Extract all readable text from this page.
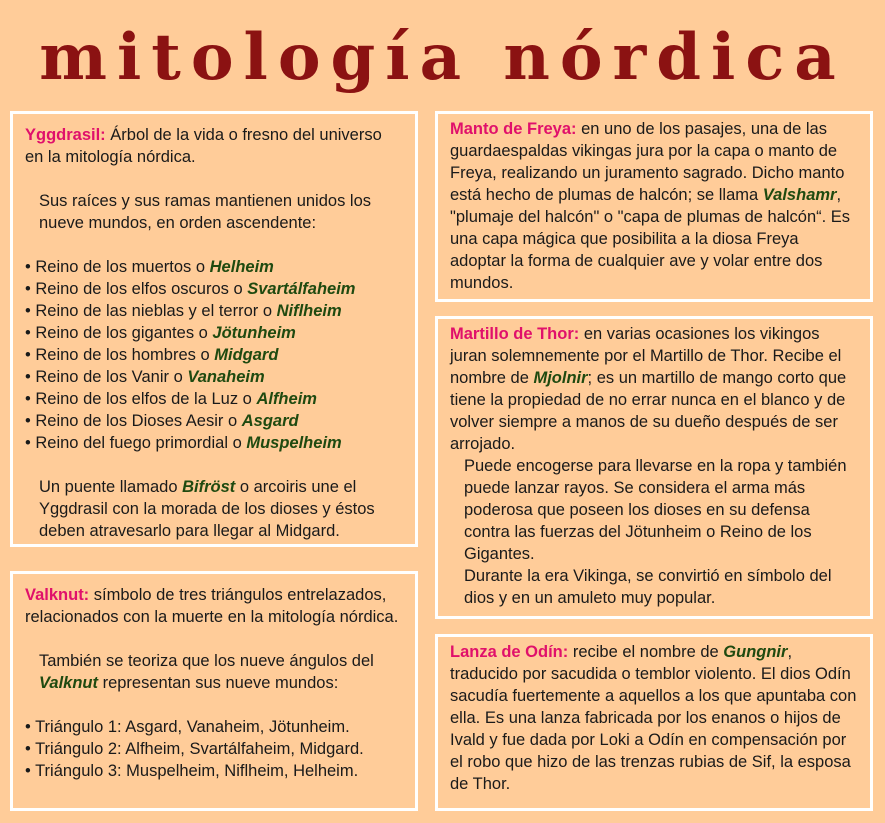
mitología nórdica

Yggdrasil: Árbol de la vida o fresno del universo en la mitología nórdica.

Sus raíces y sus ramas mantienen unidos los nueve mundos, en orden ascendente:

• Reino de los muertos o Helheim
• Reino de los elfos oscuros o Svartálfaheim
• Reino de las nieblas y el terror o Niflheim
• Reino de los gigantes o Jötunheim
• Reino de los hombres o Midgard
• Reino de los Vanir o Vanaheim
• Reino de los elfos de la Luz o Alfheim
• Reino de los Dioses Aesir o Asgard
• Reino del fuego primordial o Muspelheim

Un puente llamado Bifröst o arcoiris une el Yggdrasil con la morada de los dioses y éstos deben atravesarlo para llegar al Midgard.

Valknut: símbolo de tres triángulos entrelazados, relacionados con la muerte en la mitología nórdica.

También se teoriza que los nueve ángulos del Valknut representan sus nueve mundos:

• Triángulo 1: Asgard, Vanaheim, Jötunheim.
• Triángulo 2: Alfheim, Svartálfaheim, Midgard.
• Triángulo 3: Muspelheim, Niflheim, Helheim.

Manto de Freya: en uno de los pasajes, una de las guardaespaldas vikingas jura por la capa o manto de Freya, realizando un juramento sagrado. Dicho manto está hecho de plumas de halcón; se llama Valshamr, "plumaje del halcón" o "capa de plumas de halcón“. Es una capa mágica que posibilita a la diosa Freya adoptar la forma de cualquier ave y volar entre dos mundos.

Martillo de Thor: en varias ocasiones los vikingos juran solemnemente por el Martillo de Thor. Recibe el nombre de Mjolnir; es un martillo de mango corto que tiene la propiedad de no errar nunca en el blanco y de volver siempre a manos de su dueño después de ser arrojado.

Puede encogerse para llevarse en la ropa y también puede lanzar rayos. Se considera el arma más poderosa que poseen los dioses en su defensa contra las fuerzas del Jötunheim o Reino de los Gigantes.

Durante la era Vikinga, se convirtió en símbolo del dios y en un amuleto muy popular.

Lanza de Odín: recibe el nombre de Gungnir, traducido por sacudida o temblor violento. El dios Odín sacudía fuertemente a aquellos a los que apuntaba con ella. Es una lanza fabricada por los enanos o hijos de Ivald y fue dada por Loki a Odín en compensación por el robo que hizo de las trenzas rubias de Sif, la esposa de Thor.
